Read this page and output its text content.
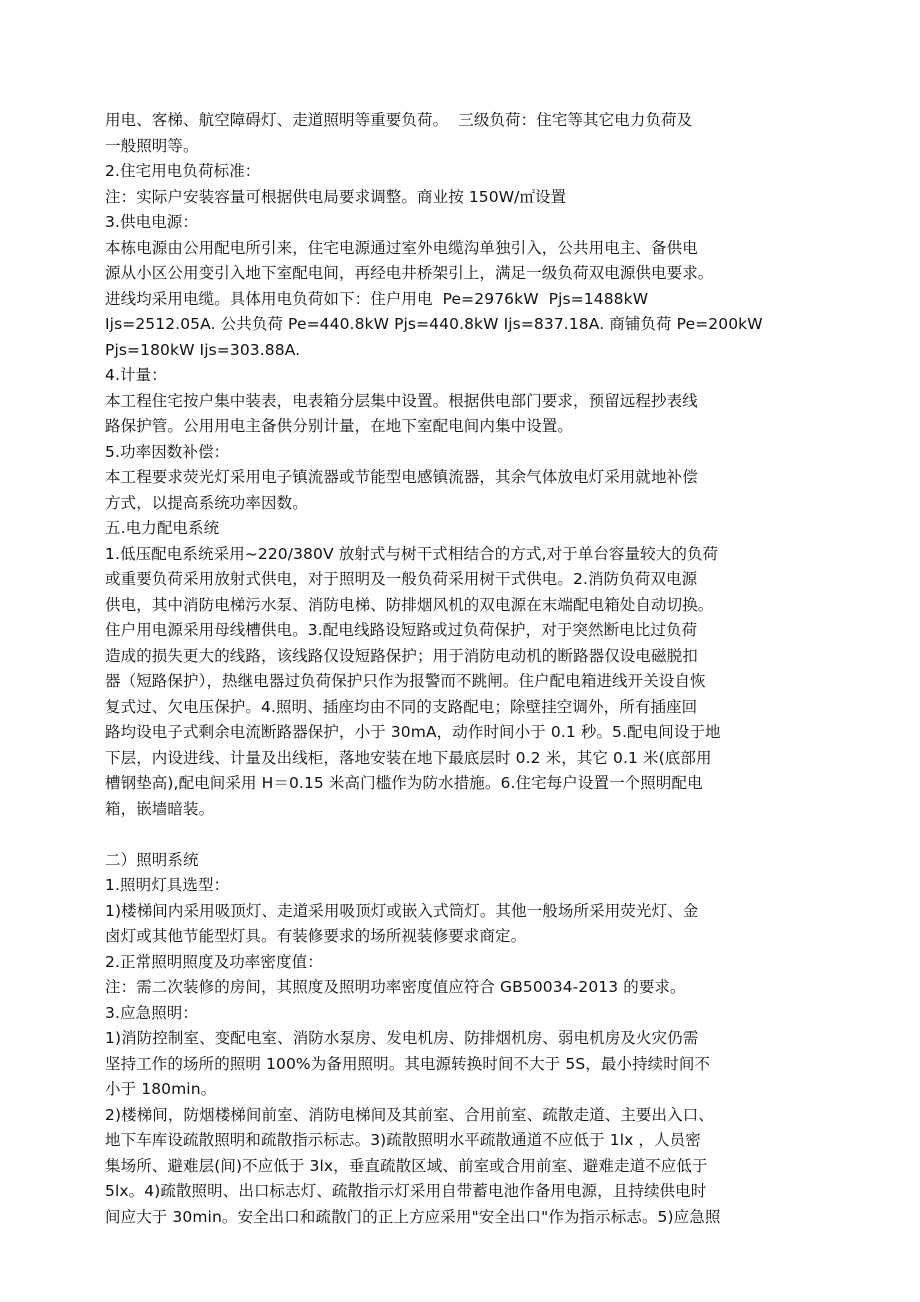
用电、客梯、航空障碍灯、走道照明等重要负荷。  三级负荷：住宅等其它电力负荷及
一般照明等。
2.住宅用电负荷标准：
注：实际户安装容量可根据供电局要求调整。商业按 150W/㎡设置
3.供电电源：
本栋电源由公用配电所引来，住宅电源通过室外电缆沟单独引入，公共用电主、备供电
源从小区公用变引入地下室配电间，再经电井桥架引上，满足一级负荷双电源供电要求。
进线均采用电缆。具体用电负荷如下：住户用电  Pe=2976kW  Pjs=1488kW
Ijs=2512.05A. 公共负荷 Pe=440.8kW Pjs=440.8kW Ijs=837.18A. 商铺负荷 Pe=200kW
Pjs=180kW Ijs=303.88A.
4.计量：
本工程住宅按户集中装表，电表箱分层集中设置。根据供电部门要求，预留远程抄表线
路保护管。公用用电主备供分别计量，在地下室配电间内集中设置。
5.功率因数补偿：
本工程要求荧光灯采用电子镇流器或节能型电感镇流器，其余气体放电灯采用就地补偿
方式，以提高系统功率因数。
五.电力配电系统
1.低压配电系统采用~220/380V 放射式与树干式相结合的方式,对于单台容量较大的负荷
或重要负荷采用放射式供电，对于照明及一般负荷采用树干式供电。2.消防负荷双电源
供电，其中消防电梯污水泵、消防电梯、防排烟风机的双电源在末端配电箱处自动切换。
住户用电源采用母线槽供电。3.配电线路设短路或过负荷保护，对于突然断电比过负荷
造成的损失更大的线路，该线路仅设短路保护；用于消防电动机的断路器仅设电磁脱扣
器（短路保护），热继电器过负荷保护只作为报警而不跳闸。住户配电箱进线开关设自恢
复式过、欠电压保护。4.照明、插座均由不同的支路配电；除壁挂空调外，所有插座回
路均设电子式剩余电流断路器保护，小于 30mA，动作时间小于 0.1 秒。5.配电间设于地
下层，内设进线、计量及出线柜，落地安装在地下最底层时 0.2 米，其它 0.1 米(底部用
槽钢垫高),配电间采用 H＝0.15 米高门槛作为防水措施。6.住宅每户设置一个照明配电
箱，嵌墙暗装。
二）照明系统
1.照明灯具选型：
1)楼梯间内采用吸顶灯、走道采用吸顶灯或嵌入式筒灯。其他一般场所采用荧光灯、金
卤灯或其他节能型灯具。有装修要求的场所视装修要求商定。
2.正常照明照度及功率密度值：
注：需二次装修的房间，其照度及照明功率密度值应符合 GB50034-2013 的要求。
3.应急照明：
1)消防控制室、变配电室、消防水泵房、发电机房、防排烟机房、弱电机房及火灾仍需
坚持工作的场所的照明 100%为备用照明。其电源转换时间不大于 5S，最小持续时间不
小于 180min。
2)楼梯间，防烟楼梯间前室、消防电梯间及其前室、合用前室、疏散走道、主要出入口、
地下车库设疏散照明和疏散指示标志。3)疏散照明水平疏散通道不应低于 1lx ，人员密
集场所、避难层(间)不应低于 3lx，垂直疏散区域、前室或合用前室、避难走道不应低于
5lx。4)疏散照明、出口标志灯、疏散指示灯采用自带蓄电池作备用电源，且持续供电时
间应大于 30min。安全出口和疏散门的正上方应采用"安全出口"作为指示标志。5)应急照
